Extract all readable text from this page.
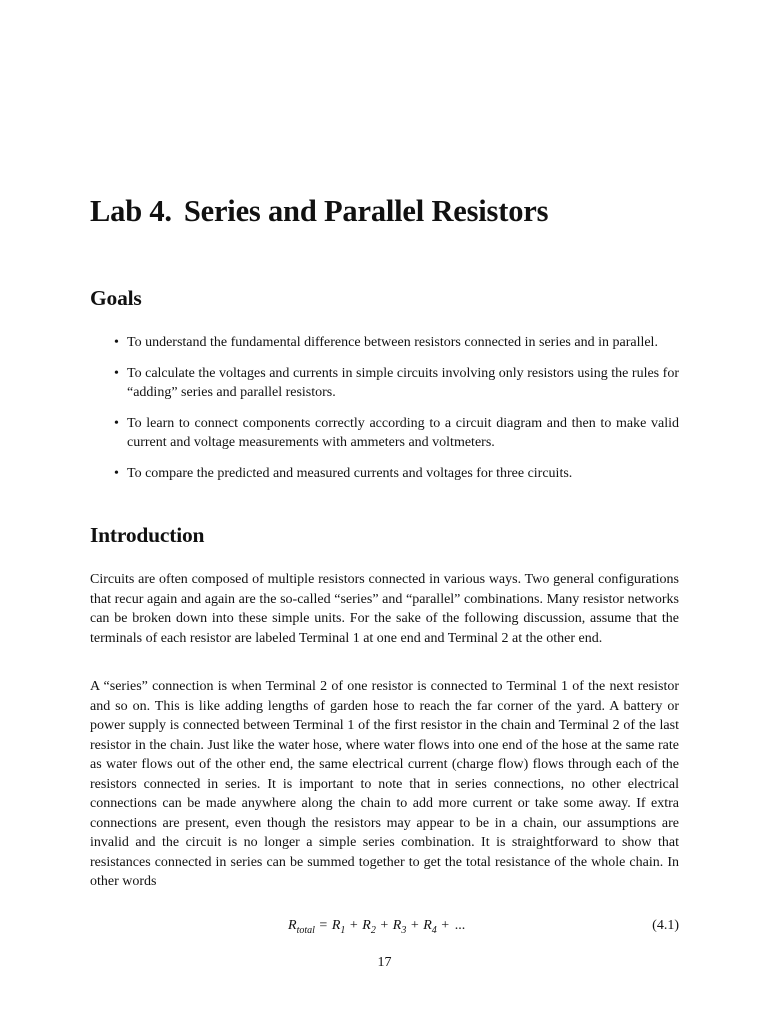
Lab 4. Series and Parallel Resistors
Goals
• To understand the fundamental difference between resistors connected in series and in parallel.
• To calculate the voltages and currents in simple circuits involving only resistors using the rules for “adding” series and parallel resistors.
• To learn to connect components correctly according to a circuit diagram and then to make valid current and voltage measurements with ammeters and voltmeters.
• To compare the predicted and measured currents and voltages for three circuits.
Introduction

Circuits are often composed of multiple resistors connected in various ways. Two general configurations that recur again and again are the so-called “series” and “parallel” combinations. Many resistor networks can be broken down into these simple units. For the sake of the following discussion, assume that the terminals of each resistor are labeled Terminal 1 at one end and Terminal 2 at the other end.

A “series” connection is when Terminal 2 of one resistor is connected to Terminal 1 of the next resistor and so on. This is like adding lengths of garden hose to reach the far corner of the yard. A battery or power supply is connected between Terminal 1 of the first resistor in the chain and Terminal 2 of the last resistor in the chain. Just like the water hose, where water flows into one end of the hose at the same rate as water flows out of the other end, the same electrical current (charge flow) flows through each of the resistors connected in series. It is important to note that in series connections, no other electrical connections can be made anywhere along the chain to add more current or take some away. If extra connections are present, even though the resistors may appear to be in a chain, our assumptions are invalid and the circuit is no longer a simple series combination. It is straightforward to show that resistances connected in series can be summed together to get the total resistance of the whole chain. In other words

$R_{total} = R_1 + R_2 + R_3 + R_4$ + ...	(4.1)
17
